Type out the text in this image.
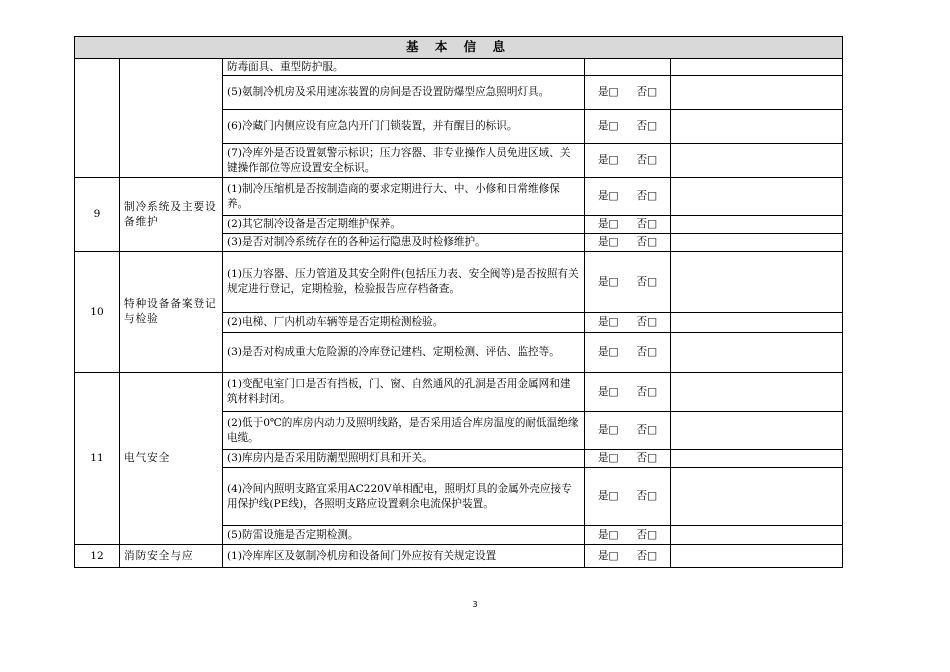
基 本 信 息				
		防毒面具、重型防护服。		
		(5)氨制冷机房及采用速冻装置的房间是否设置防爆型应急照明灯具。	是□ 否□	
		(6)冷藏门内侧应设有应急内开门门锁装置，并有醒目的标识。	是□ 否□	
		(7)冷库外是否设置氨警示标识；压力容器、非专业操作人员免进区域、关键操作部位等应设置安全标识。	是□ 否□	
9	制冷系统及主要设备维护	(1)制冷压缩机是否按制造商的要求定期进行大、中、小修和日常维修保养。	是□ 否□	
		(2)其它制冷设备是否定期维护保养。	是□ 否□	
		(3)是否对制冷系统存在的各种运行隐患及时检修维护。	是□ 否□	
10	特种设备备案登记与检验	(1)压力容器、压力管道及其安全附件(包括压力表、安全阀等)是否按照有关规定进行登记，定期检验，检验报告应存档备查。	是□ 否□	
		(2)电梯、厂内机动车辆等是否定期检测检验。	是□ 否□	
		(3)是否对构成重大危险源的冷库登记建档、定期检测、评估、监控等。	是□ 否□	
11	电气安全	(1)变配电室门口是否有挡板，门、窗、自然通风的孔洞是否用金属网和建筑材料封闭。	是□ 否□	
		(2)低于0℃的库房内动力及照明线路，是否采用适合库房温度的耐低温绝缘电缆。	是□ 否□	
		(3)库房内是否采用防潮型照明灯具和开关。	是□ 否□	
		(4)冷间内照明支路宜采用AC220V单相配电，照明灯具的金属外壳应接专用保护线(PE线)，各照明支路应设置剩余电流保护装置。	是□ 否□	
		(5)防雷设施是否定期检测。	是□ 否□	
12	消防安全与应	(1)冷库库区及氨制冷机房和设备间门外应按有关规定设置	是□ 否□	
3
